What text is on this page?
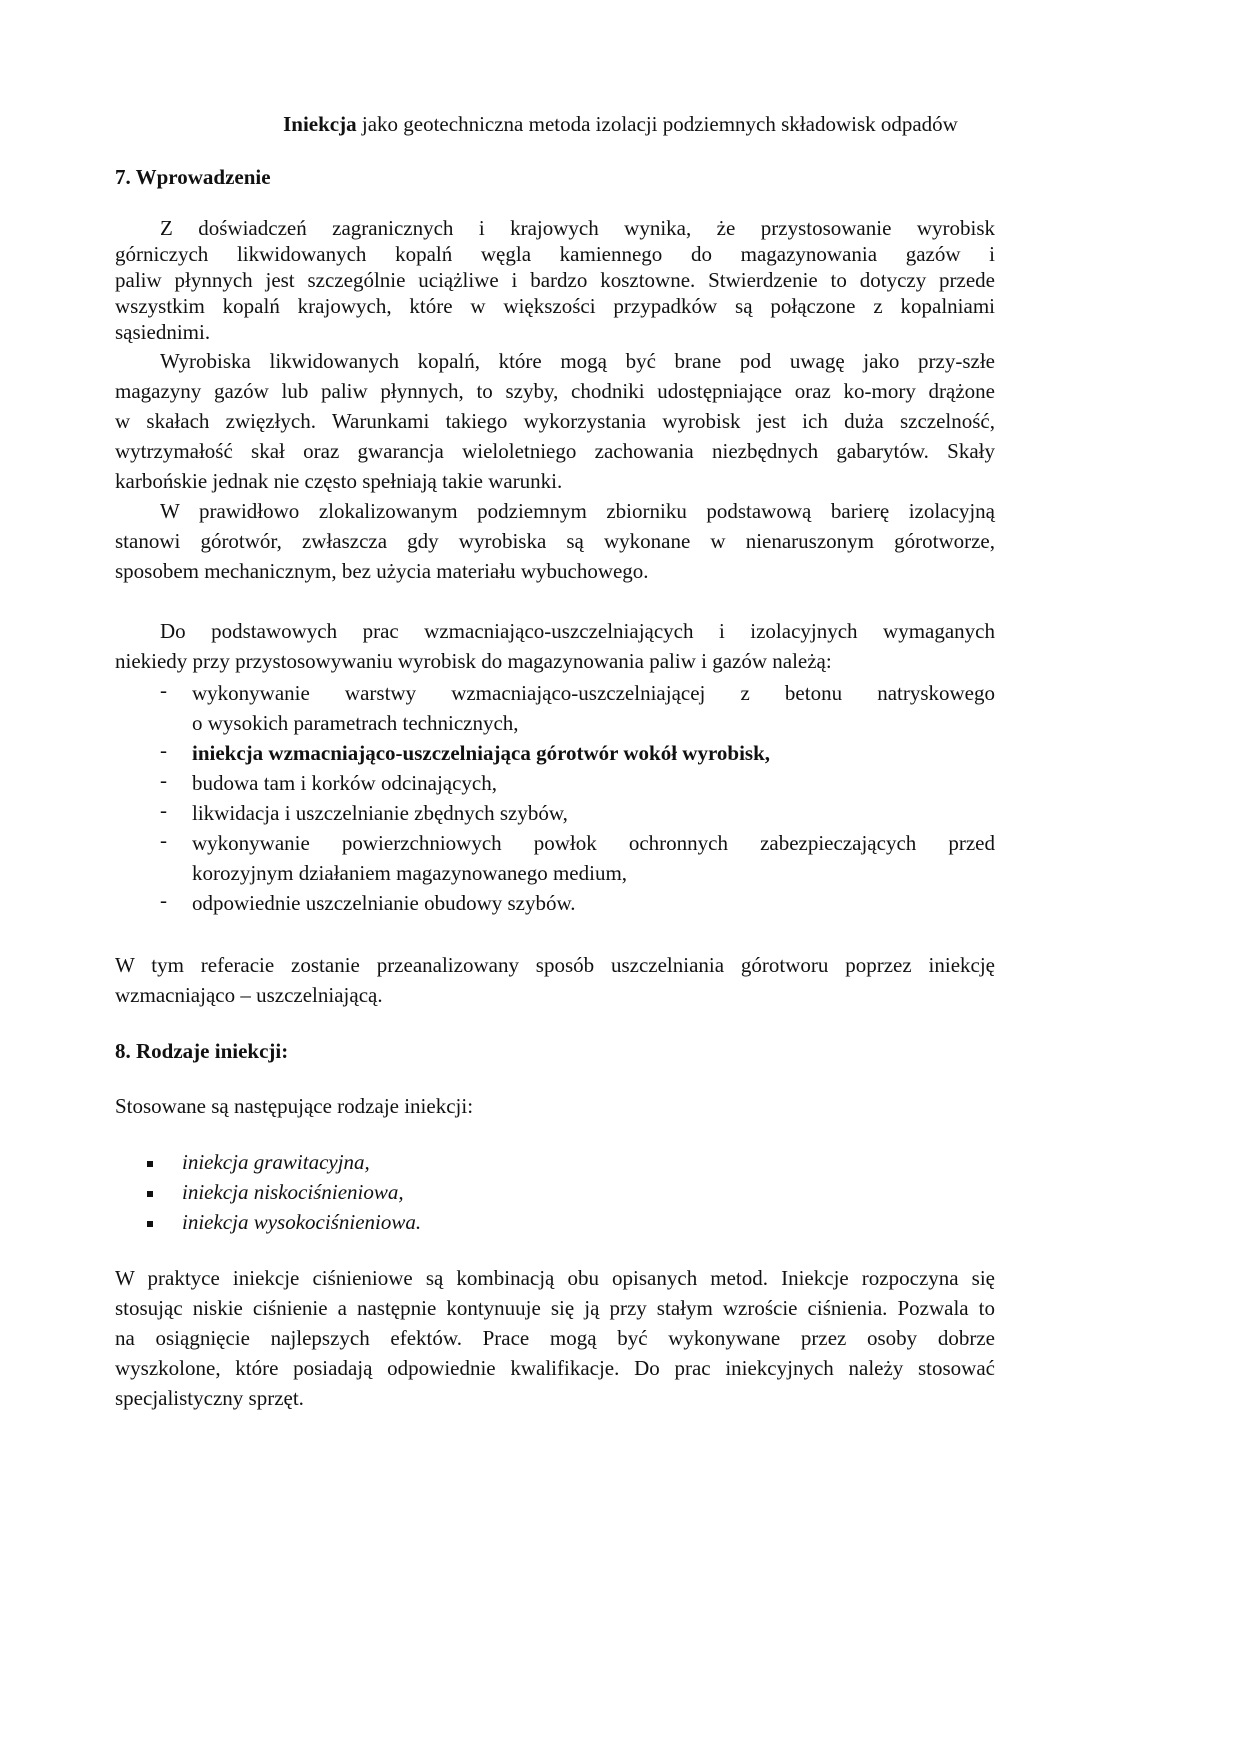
Iniekcja jako geotechniczna metoda izolacji podziemnych składowisk odpadów
7. Wprowadzenie
Z doświadczeń zagranicznych i krajowych wynika, że przystosowanie wyrobisk
górniczych likwidowanych kopalń węgla kamiennego do magazynowania gazów i
paliw płynnych jest szczególnie uciążliwe i bardzo kosztowne. Stwierdzenie to dotyczy przede
wszystkim kopalń krajowych, które w większości przypadków są połączone z kopalniami
sąsiednimi.
Wyrobiska likwidowanych kopalń, które mogą być brane pod uwagę jako przy-szłe
magazyny gazów lub paliw płynnych, to szyby, chodniki udostępniające oraz ko-mory drążone
w skałach zwięzłych. Warunkami takiego wykorzystania wyrobisk jest ich duża szczelność,
wytrzymałość skał oraz gwarancja wieloletniego zachowania niezbędnych gabarytów. Skały
karbońskie jednak nie często spełniają takie warunki.
W prawidłowo zlokalizowanym podziemnym zbiorniku podstawową barierę izolacyjną
stanowi górotwór, zwłaszcza gdy wyrobiska są wykonane w nienaruszonym górotworze,
sposobem mechanicznym, bez użycia materiału wybuchowego.
Do podstawowych prac wzmacniająco-uszczelniających i izolacyjnych wymaganych
niekiedy przy przystosowywaniu wyrobisk do magazynowania paliw i gazów należą:
- wykonywanie warstwy wzmacniająco-uszczelniającej z betonu natryskowego
o wysokich parametrach technicznych,
- iniekcja wzmacniająco-uszczelniająca górotwór wokół wyrobisk,
- budowa tam i korków odcinających,
- likwidacja i uszczelnianie zbędnych szybów,
- wykonywanie powierzchniowych powłok ochronnych zabezpieczających przed
korozyjnym działaniem magazynowanego medium,
- odpowiednie uszczelnianie obudowy szybów.
W tym referacie zostanie przeanalizowany sposób uszczelniania górotworu poprzez iniekcję
wzmacniająco – uszczelniającą.
8. Rodzaje iniekcji:
Stosowane są następujące rodzaje iniekcji:
iniekcja grawitacyjna,
iniekcja niskociśnieniowa,
iniekcja wysokociśnieniowa.
W praktyce iniekcje ciśnieniowe są kombinacją obu opisanych metod. Iniekcje rozpoczyna się
stosując niskie ciśnienie a następnie kontynuuje się ją przy stałym wzroście ciśnienia. Pozwala to
na osiągnięcie najlepszych efektów. Prace mogą być wykonywane przez osoby dobrze
wyszkolone, które posiadają odpowiednie kwalifikacje. Do prac iniekcyjnych należy stosować
specjalistyczny sprzęt.
